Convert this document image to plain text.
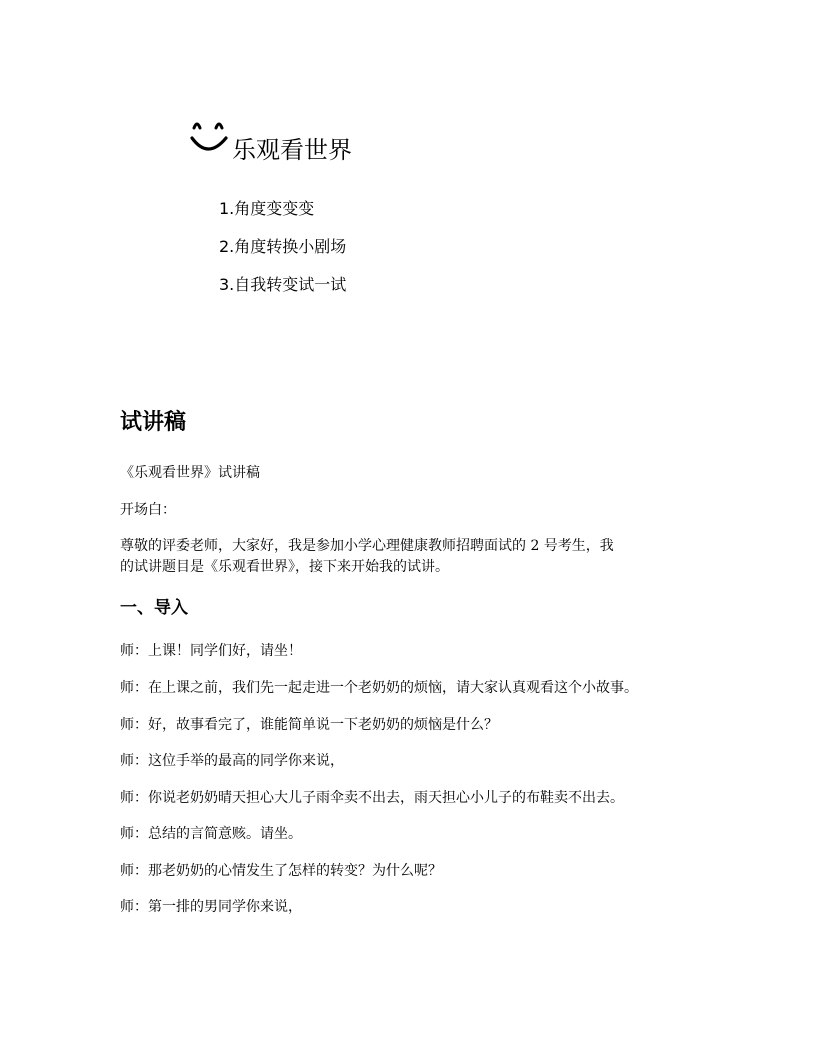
乐观看世界
1.角度变变变
2.角度转换小剧场
3.自我转变试一试
试讲稿
《乐观看世界》试讲稿
开场白：
尊敬的评委老师，大家好，我是参加小学心理健康教师招聘面试的 2 号考生，我
的试讲题目是《乐观看世界》，接下来开始我的试讲。
一、导入
师：上课！同学们好，请坐！
师：在上课之前，我们先一起走进一个老奶奶的烦恼，请大家认真观看这个小故事。
师：好，故事看完了，谁能简单说一下老奶奶的烦恼是什么？
师：这位手举的最高的同学你来说，
师：你说老奶奶晴天担心大儿子雨伞卖不出去，雨天担心小儿子的布鞋卖不出去。
师：总结的言简意赅。请坐。
师：那老奶奶的心情发生了怎样的转变？为什么呢？
师：第一排的男同学你来说，
